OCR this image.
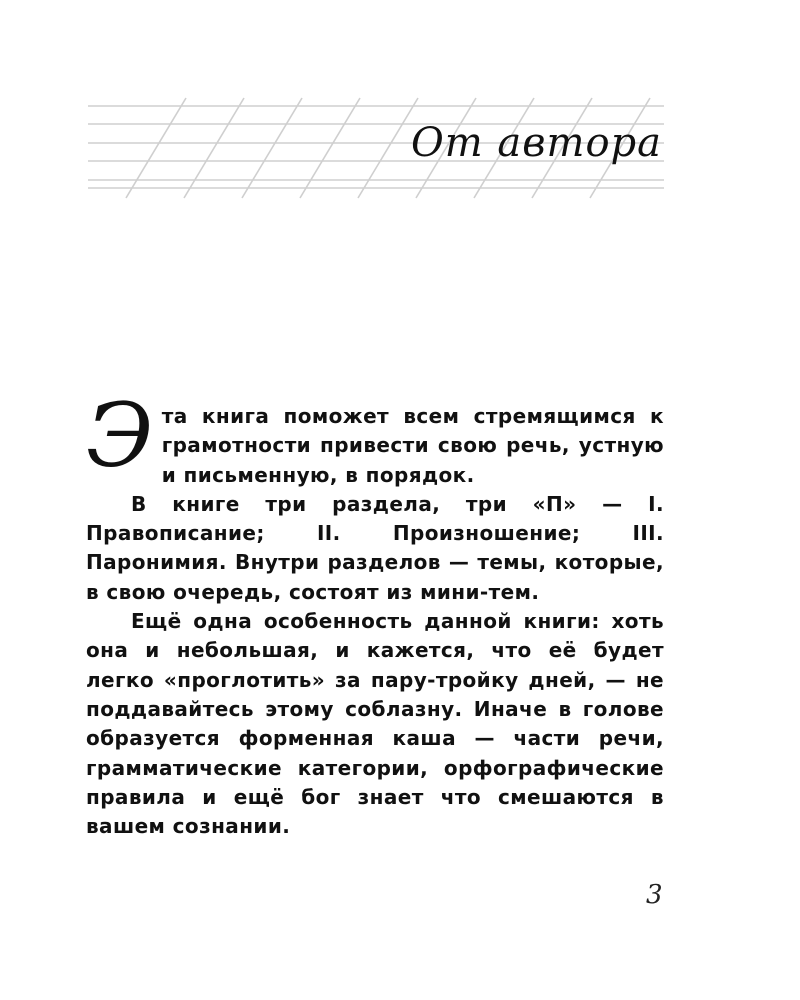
От автора

Э та книга поможет всем стремящимся к грамотности привести свою речь, устную и письменную, в порядок.

В книге три раздела, три «П» — I. Правописание; II. Произношение; III. Паронимия. Внутри разделов — темы, которые, в свою очередь, состоят из мини-тем.

Ещё одна особенность данной книги: хоть она и небольшая, и кажется, что её будет легко «проглотить» за пару-тройку дней, — не поддавайтесь этому соблазну. Иначе в голове образуется форменная каша — части речи, грамматические категории, орфографические правила и ещё бог знает что смешаются в вашем сознании.

3
